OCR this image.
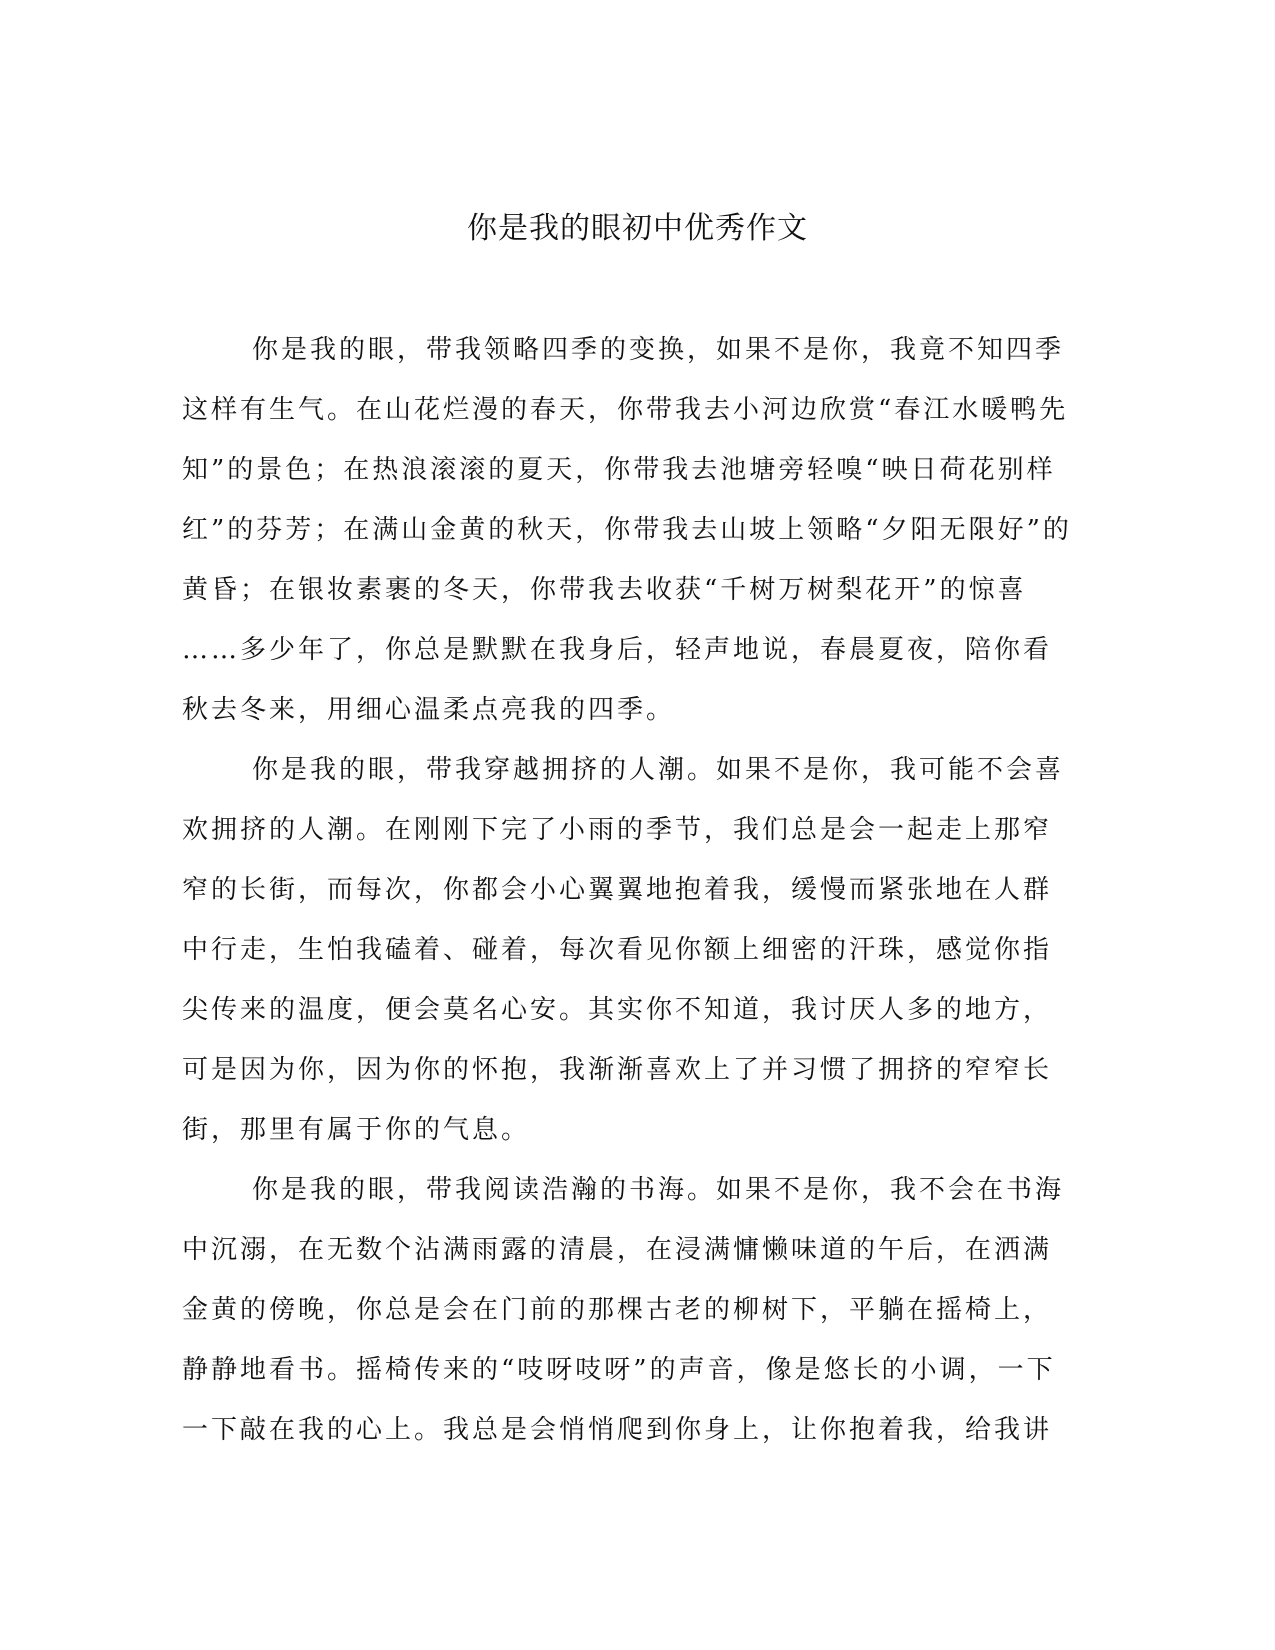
你是我的眼初中优秀作文
你是我的眼，带我领略四季的变换，如果不是你，我竟不知四季
这样有生气。在山花烂漫的春天，你带我去小河边欣赏“春江水暖鸭先
知”的景色；在热浪滚滚的夏天，你带我去池塘旁轻嗅“映日荷花别样
红”的芬芳；在满山金黄的秋天，你带我去山坡上领略“夕阳无限好”的
黄昏；在银妆素裹的冬天，你带我去收获“千树万树梨花开”的惊喜
……多少年了，你总是默默在我身后，轻声地说，春晨夏夜，陪你看
秋去冬来，用细心温柔点亮我的四季。
你是我的眼，带我穿越拥挤的人潮。如果不是你，我可能不会喜
欢拥挤的人潮。在刚刚下完了小雨的季节，我们总是会一起走上那窄
窄的长街，而每次，你都会小心翼翼地抱着我，缓慢而紧张地在人群
中行走，生怕我磕着、碰着，每次看见你额上细密的汗珠，感觉你指
尖传来的温度，便会莫名心安。其实你不知道，我讨厌人多的地方，
可是因为你，因为你的怀抱，我渐渐喜欢上了并习惯了拥挤的窄窄长
街，那里有属于你的气息。
你是我的眼，带我阅读浩瀚的书海。如果不是你，我不会在书海
中沉溺，在无数个沾满雨露的清晨，在浸满慵懒味道的午后，在洒满
金黄的傍晚，你总是会在门前的那棵古老的柳树下，平躺在摇椅上，
静静地看书。摇椅传来的“吱呀吱呀”的声音，像是悠长的小调，一下
一下敲在我的心上。我总是会悄悄爬到你身上，让你抱着我，给我讲
